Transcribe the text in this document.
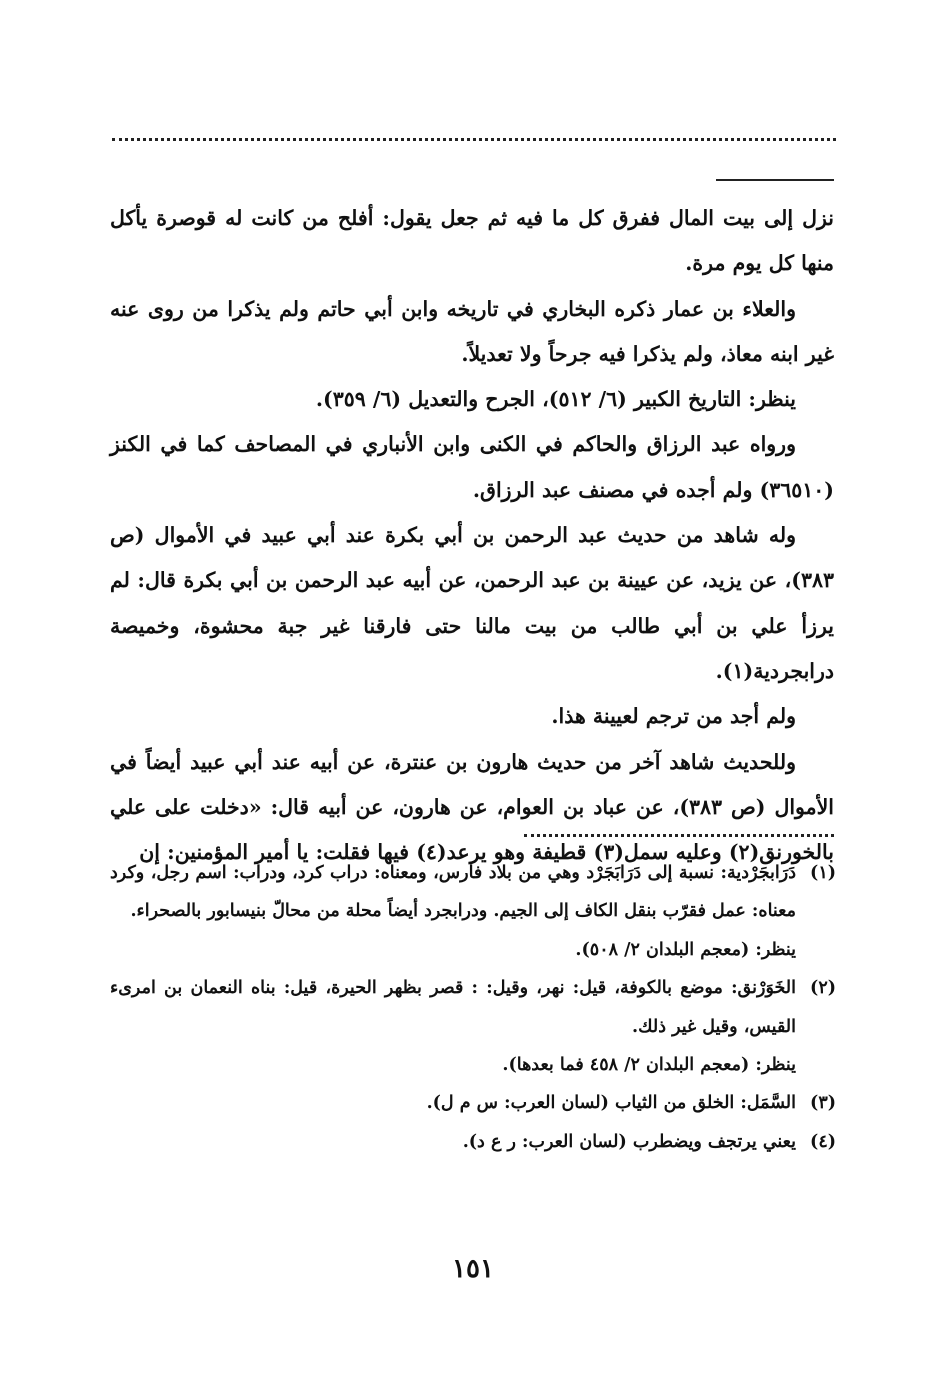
نزل إلى بيت المال ففرق كل ما فيه ثم جعل يقول: أفلح من كانت له قوصرة يأكل منها كل يوم مرة.

والعلاء بن عمار ذكره البخاري في تاريخه وابن أبي حاتم ولم يذكرا من روى عنه غير ابنه معاذ، ولم يذكرا فيه جرحاً ولا تعديلاً.

ينظر: التاريخ الكبير (٦/ ٥١٢)، الجرح والتعديل (٦/ ٣٥٩).

ورواه عبد الرزاق والحاكم في الكنى وابن الأنباري في المصاحف كما في الكنز (٣٦٥١٠) ولم أجده في مصنف عبد الرزاق.

وله شاهد من حديث عبد الرحمن بن أبي بكرة عند أبي عبيد في الأموال (ص ٣٨٣)، عن يزيد، عن عيينة بن عبد الرحمن، عن أبيه عبد الرحمن بن أبي بكرة قال: لم يرزأ علي بن أبي طالب من بيت مالنا حتى فارقنا غير جبة محشوة، وخميصة درابجردية(١).

ولم أجد من ترجم لعيينة هذا.

وللحديث شاهد آخر من حديث هارون بن عنترة، عن أبيه عند أبي عبيد أيضاً في الأموال (ص ٣٨٣)، عن عباد بن العوام، عن هارون، عن أبيه قال: «دخلت على علي بالخورنق(٢) وعليه سمل(٣) قطيفة وهو يرعد(٤) فيها فقلت: يا أمير المؤمنين: إن

(١)

دَرَابجَرْدية: نسبة إلى دَرَابَجَرْد وهي من بلاد فارس، ومعناه: دراب كرد، ودراب: اسم رجل، وكرد معناه: عمل فقرّب بنقل الكاف إلى الجيم. ودرابجرد أيضاً محلة من محالّ بنيسابور بالصحراء.

ينظر: (معجم البلدان ٢/ ٥٠٨).

(٢)

الخَوَرْنق: موضع بالكوفة، قيل: نهر، وقيل: : قصر بظهر الحيرة، قيل: بناه النعمان بن امرىء القيس، وقيل غير ذلك.

ينظر: (معجم البلدان ٢/ ٤٥٨ فما بعدها).

(٣)

السَّمَل: الخلق من الثياب (لسان العرب: س م ل).

(٤)

يعني يرتجف ويضطرب (لسان العرب: ر ع د).

١٥١
